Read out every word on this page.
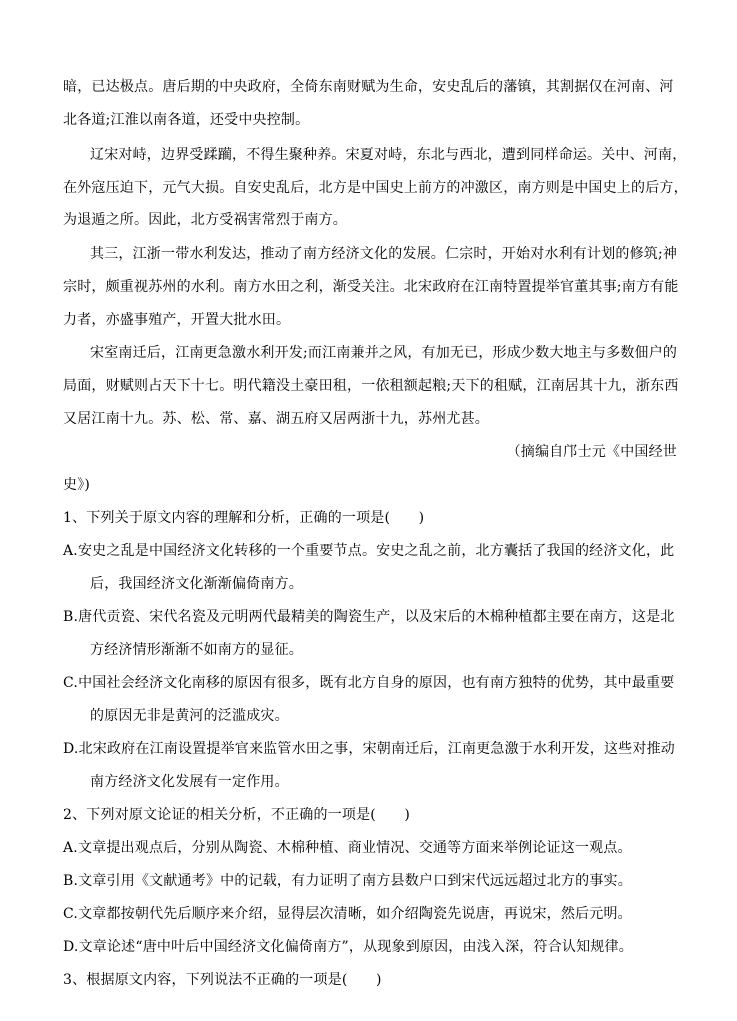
暗，已达极点。唐后期的中央政府，全倚东南财赋为生命，安史乱后的藩镇，其割据仅在河南、河
北各道;江淮以南各道，还受中央控制。
辽宋对峙，边界受蹂躏，不得生聚种养。宋夏对峙，东北与西北，遭到同样命运。关中、河南，
在外寇压迫下，元气大损。自安史乱后，北方是中国史上前方的冲激区，南方则是中国史上的后方，
为退遁之所。因此，北方受祸害常烈于南方。
其三，江浙一带水利发达，推动了南方经济文化的发展。仁宗时，开始对水利有计划的修筑;神
宗时，颇重视苏州的水利。南方水田之利，渐受关注。北宋政府在江南特置提举官董其事;南方有能
力者，亦盛事殖产，开置大批水田。
宋室南迁后，江南更急激水利开发;而江南兼并之风，有加无已，形成少数大地主与多数佃户的
局面，财赋则占天下十七。明代籍没土豪田租，一依租额起粮;天下的租赋，江南居其十九，浙东西
又居江南十九。苏、松、常、嘉、湖五府又居两浙十九，苏州尤甚。
（摘编自邝士元《中国经世
史》)
1、下列关于原文内容的理解和分析，正确的一项是(　　)
A.安史之乱是中国经济文化转移的一个重要节点。安史之乱之前，北方囊括了我国的经济文化，此
后，我国经济文化渐渐偏倚南方。
B.唐代贡瓷、宋代名瓷及元明两代最精美的陶瓷生产，以及宋后的木棉种植都主要在南方，这是北
方经济情形渐渐不如南方的显征。
C.中国社会经济文化南移的原因有很多，既有北方自身的原因，也有南方独特的优势，其中最重要
的原因无非是黄河的泛滥成灾。
D.北宋政府在江南设置提举官来监管水田之事，宋朝南迁后，江南更急激于水利开发，这些对推动
南方经济文化发展有一定作用。
2、下列对原文论证的相关分析，不正确的一项是(　　)
A.文章提出观点后，分别从陶瓷、木棉种植、商业情况、交通等方面来举例论证这一观点。
B.文章引用《文献通考》中的记载，有力证明了南方县数户口到宋代远远超过北方的事实。
C.文章都按朝代先后顺序来介绍，显得层次清晰，如介绍陶瓷先说唐，再说宋，然后元明。
D.文章论述“唐中叶后中国经济文化偏倚南方”，从现象到原因，由浅入深，符合认知规律。
3、根据原文内容，下列说法不正确的一项是(　　)
